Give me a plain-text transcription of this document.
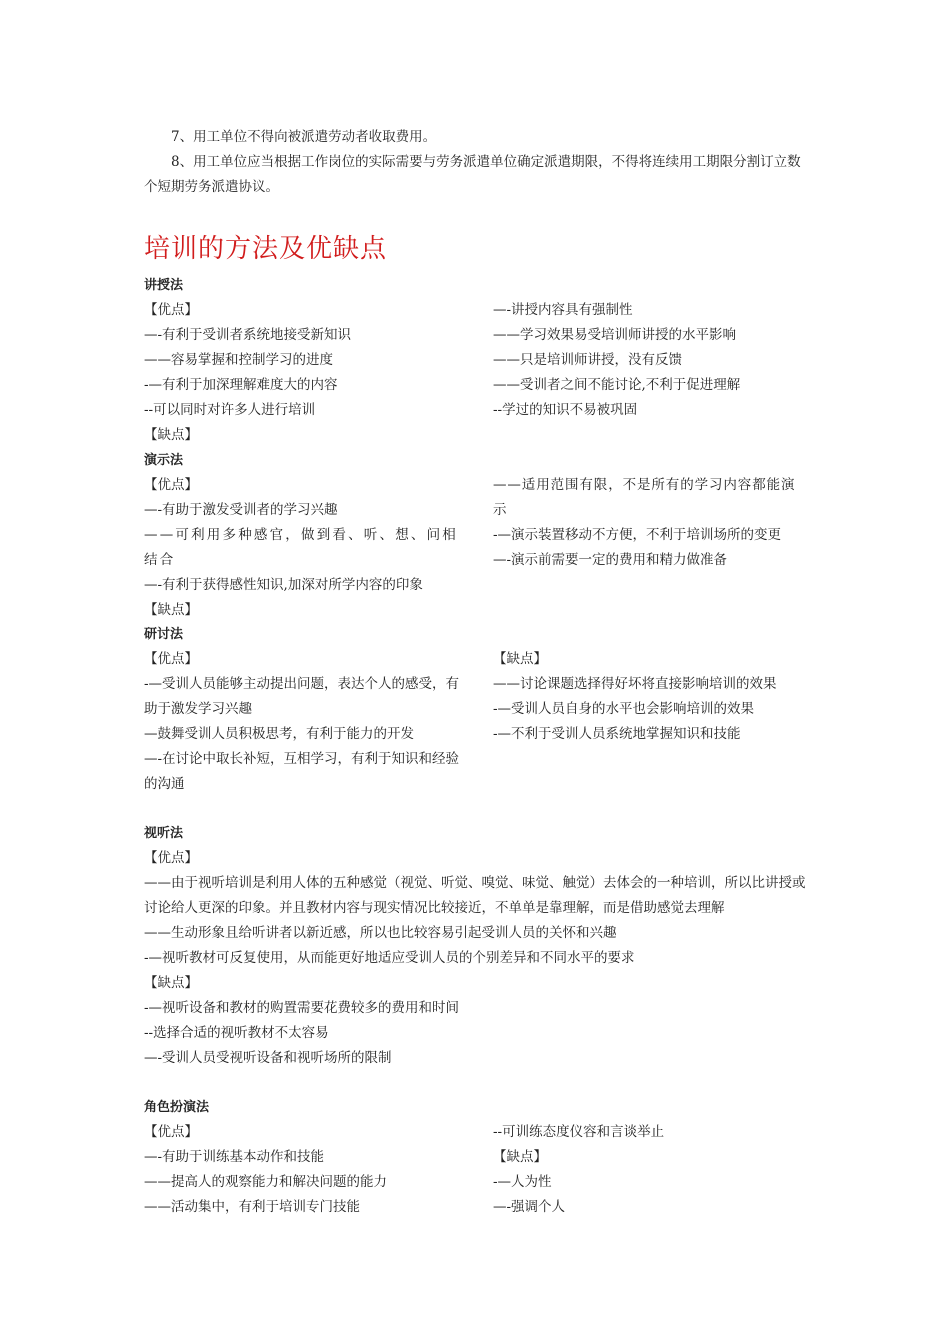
7、用工单位不得向被派遣劳动者收取费用。
8、用工单位应当根据工作岗位的实际需要与劳务派遣单位确定派遣期限，不得将连续用工期限分割订立数个短期劳务派遣协议。
培训的方法及优缺点
讲授法
【优点】
—-有利于受训者系统地接受新知识
——容易掌握和控制学习的进度
-—有利于加深理解难度大的内容
--可以同时对许多人进行培训
【缺点】
—-讲授内容具有强制性
——学习效果易受培训师讲授的水平影响
——只是培训师讲授，没有反馈
——受训者之间不能讨论,不利于促进理解
--学过的知识不易被巩固
演示法
【优点】
—-有助于激发受训者的学习兴趣
——可利用多种感官，做到看、听、想、问相结合
—-有利于获得感性知识,加深对所学内容的印象
【缺点】
——适用范围有限，不是所有的学习内容都能演示
-—演示装置移动不方便，不利于培训场所的变更
—-演示前需要一定的费用和精力做准备
研讨法
【优点】
-—受训人员能够主动提出问题，表达个人的感受，有助于激发学习兴趣
—鼓舞受训人员积极思考，有利于能力的开发
—-在讨论中取长补短，互相学习，有利于知识和经验的沟通
【缺点】
——讨论课题选择得好坏将直接影响培训的效果
-—受训人员自身的水平也会影响培训的效果
-—不利于受训人员系统地掌握知识和技能
视听法
【优点】
——由于视听培训是利用人体的五种感觉（视觉、听觉、嗅觉、味觉、触觉）去体会的一种培训，所以比讲授或讨论给人更深的印象。并且教材内容与现实情况比较接近，不单单是靠理解，而是借助感觉去理解
——生动形象且给听讲者以新近感，所以也比较容易引起受训人员的关怀和兴趣
-—视听教材可反复使用，从而能更好地适应受训人员的个别差异和不同水平的要求
【缺点】
-—视听设备和教材的购置需要花费较多的费用和时间
--选择合适的视听教材不太容易
—-受训人员受视听设备和视听场所的限制
角色扮演法
【优点】
—-有助于训练基本动作和技能
——提高人的观察能力和解决问题的能力
——活动集中，有利于培训专门技能
--可训练态度仪容和言谈举止
【缺点】
-—人为性
—-强调个人
